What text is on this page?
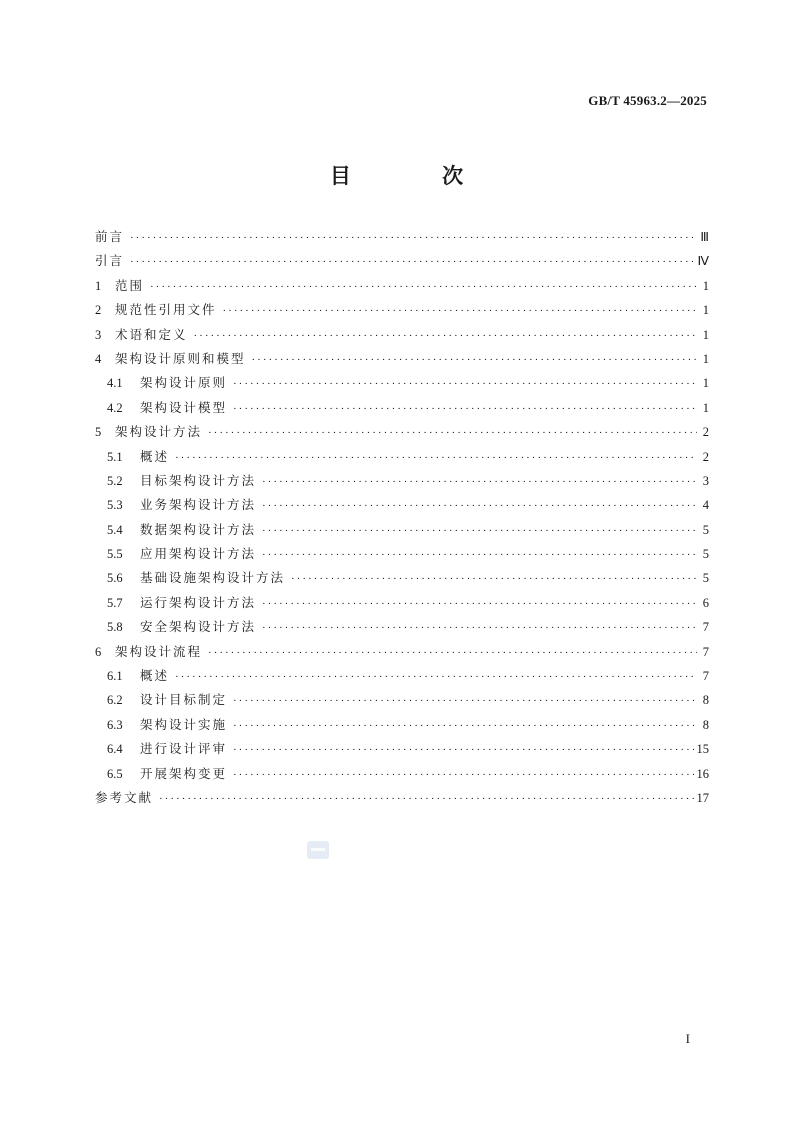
GB/T 45963.2—2025
目 次
前言 ·····	Ⅲ
引言 ·····	Ⅳ
1	范围 ·····	1
2	规范性引用文件 ·····	1
3	术语和定义 ·····	1
4	架构设计原则和模型 ·····	1
4.1	架构设计原则 ·····	1
4.2	架构设计模型 ·····	1
5	架构设计方法 ·····	2
5.1	概述 ·····	2
5.2	目标架构设计方法 ·····	3
5.3	业务架构设计方法 ·····	4
5.4	数据架构设计方法 ·····	5
5.5	应用架构设计方法 ·····	5
5.6	基础设施架构设计方法 ·····	5
5.7	运行架构设计方法 ·····	6
5.8	安全架构设计方法 ·····	7
6	架构设计流程 ·····	7
6.1	概述 ·····	7
6.2	设计目标制定 ·····	8
6.3	架构设计实施 ·····	8
6.4	进行设计评审 ·····	15
6.5	开展架构变更 ·····	16
参考文献 ·····	17
I
